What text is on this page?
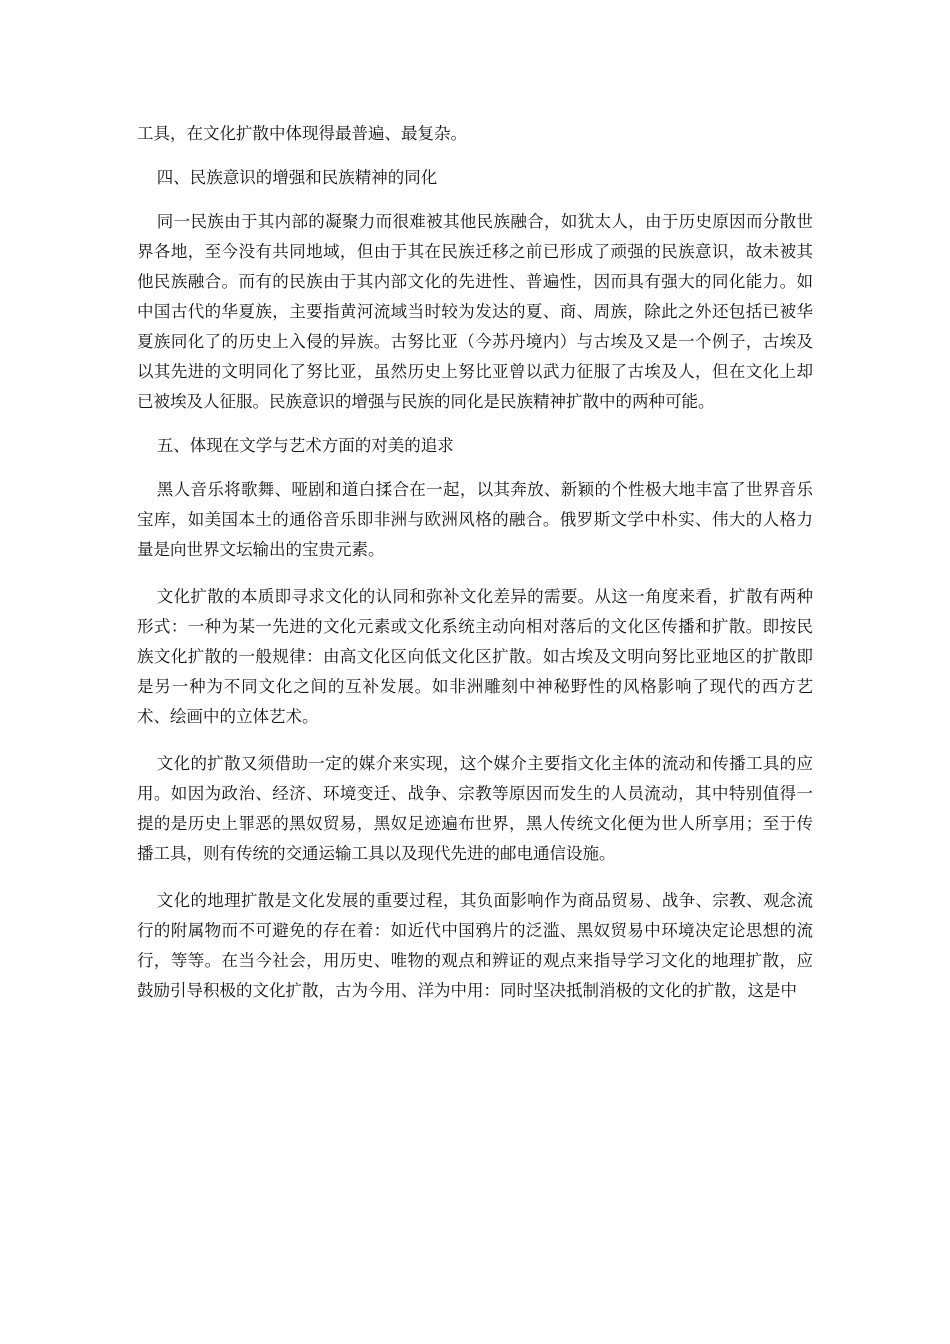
工具，在文化扩散中体现得最普遍、最复杂。

四、民族意识的增强和民族精神的同化

同一民族由于其内部的凝聚力而很难被其他民族融合，如犹太人，由于历史原因而分散世界各地，至今没有共同地域，但由于其在民族迁移之前已形成了顽强的民族意识，故未被其他民族融合。而有的民族由于其内部文化的先进性、普遍性，因而具有强大的同化能力。如中国古代的华夏族，主要指黄河流域当时较为发达的夏、商、周族，除此之外还包括已被华夏族同化了的历史上入侵的异族。古努比亚（今苏丹境内）与古埃及又是一个例子，古埃及以其先进的文明同化了努比亚，虽然历史上努比亚曾以武力征服了古埃及人，但在文化上却已被埃及人征服。民族意识的增强与民族的同化是民族精神扩散中的两种可能。

五、体现在文学与艺术方面的对美的追求

黑人音乐将歌舞、哑剧和道白揉合在一起，以其奔放、新颖的个性极大地丰富了世界音乐宝库，如美国本土的通俗音乐即非洲与欧洲风格的融合。俄罗斯文学中朴实、伟大的人格力量是向世界文坛输出的宝贵元素。

文化扩散的本质即寻求文化的认同和弥补文化差异的需要。从这一角度来看，扩散有两种形式：一种为某一先进的文化元素或文化系统主动向相对落后的文化区传播和扩散。即按民族文化扩散的一般规律：由高文化区向低文化区扩散。如古埃及文明向努比亚地区的扩散即是另一种为不同文化之间的互补发展。如非洲雕刻中神秘野性的风格影响了现代的西方艺术、绘画中的立体艺术。

文化的扩散又须借助一定的媒介来实现，这个媒介主要指文化主体的流动和传播工具的应用。如因为政治、经济、环境变迁、战争、宗教等原因而发生的人员流动，其中特别值得一提的是历史上罪恶的黑奴贸易，黑奴足迹遍布世界，黑人传统文化便为世人所享用；至于传播工具，则有传统的交通运输工具以及现代先进的邮电通信设施。

文化的地理扩散是文化发展的重要过程，其负面影响作为商品贸易、战争、宗教、观念流行的附属物而不可避免的存在着：如近代中国鸦片的泛滥、黑奴贸易中环境决定论思想的流行，等等。在当今社会，用历史、唯物的观点和辨证的观点来指导学习文化的地理扩散，应鼓励引导积极的文化扩散，古为今用、洋为中用：同时坚决抵制消极的文化的扩散，这是中
